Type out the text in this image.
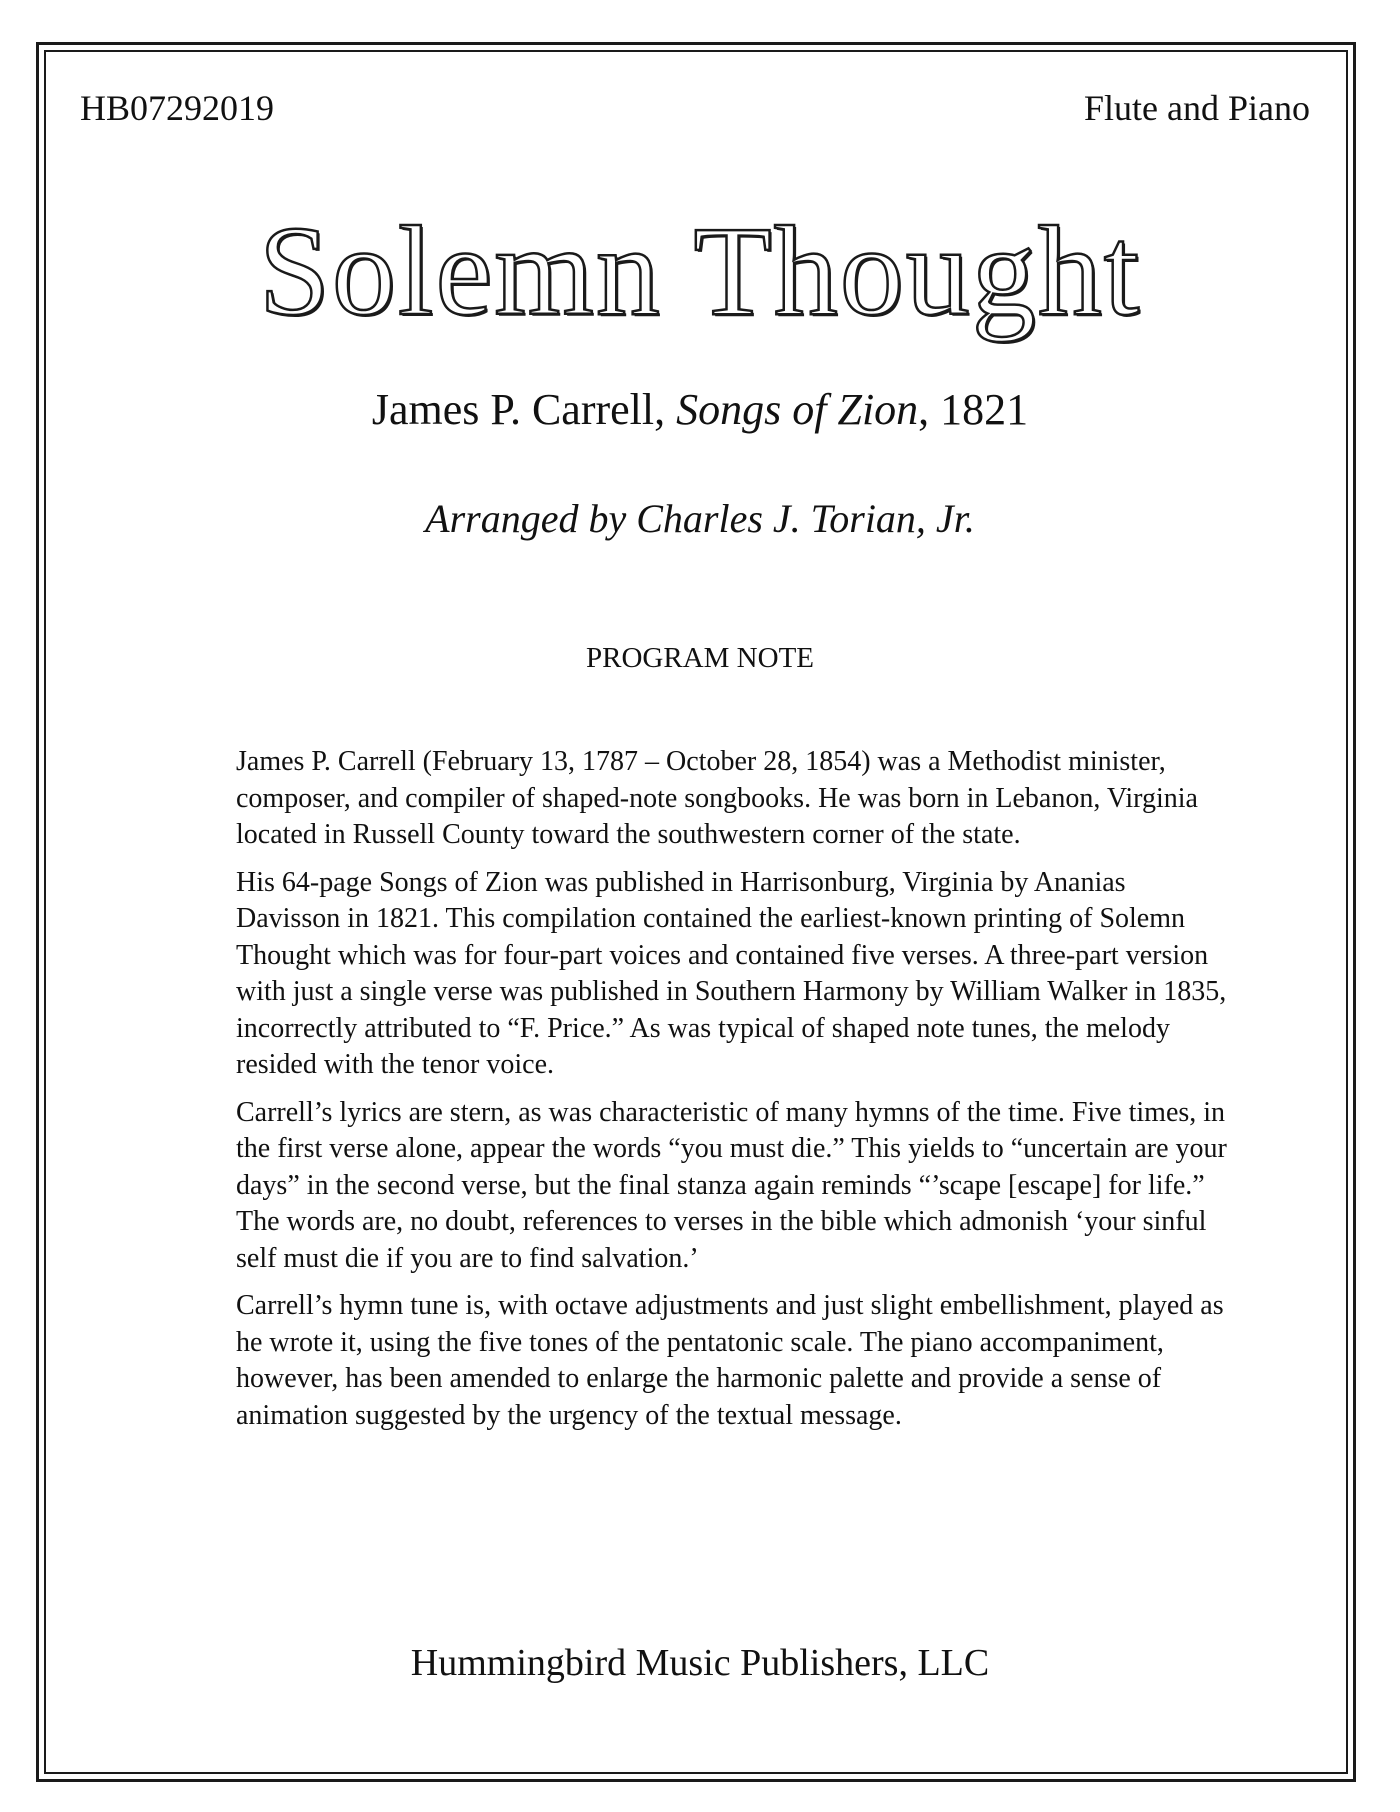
HB07292019	Flute and Piano

Solemn Thought

James P. Carrell, Songs of Zion, 1821

Arranged by Charles J. Torian, Jr.

PROGRAM NOTE

James P. Carrell (February 13, 1787 – October 28, 1854) was a Methodist minister, composer, and compiler of shaped-note songbooks. He was born in Lebanon, Virginia located in Russell County toward the southwestern corner of the state.

His 64-page Songs of Zion was published in Harrisonburg, Virginia by Ananias Davisson in 1821. This compilation contained the earliest-known printing of Solemn Thought which was for four-part voices and contained five verses. A three-part version with just a single verse was published in Southern Harmony by William Walker in 1835, incorrectly attributed to “F. Price.” As was typical of shaped note tunes, the melody resided with the tenor voice.

Carrell’s lyrics are stern, as was characteristic of many hymns of the time. Five times, in the first verse alone, appear the words “you must die.” This yields to “uncertain are your days” in the second verse, but the final stanza again reminds “’scape [escape] for life.” The words are, no doubt, references to verses in the bible which admonish ‘your sinful self must die if you are to find salvation.’

Carrell’s hymn tune is, with octave adjustments and just slight embellishment, played as he wrote it, using the five tones of the pentatonic scale. The piano accompaniment, however, has been amended to enlarge the harmonic palette and provide a sense of animation suggested by the urgency of the textual message.

Hummingbird Music Publishers, LLC
